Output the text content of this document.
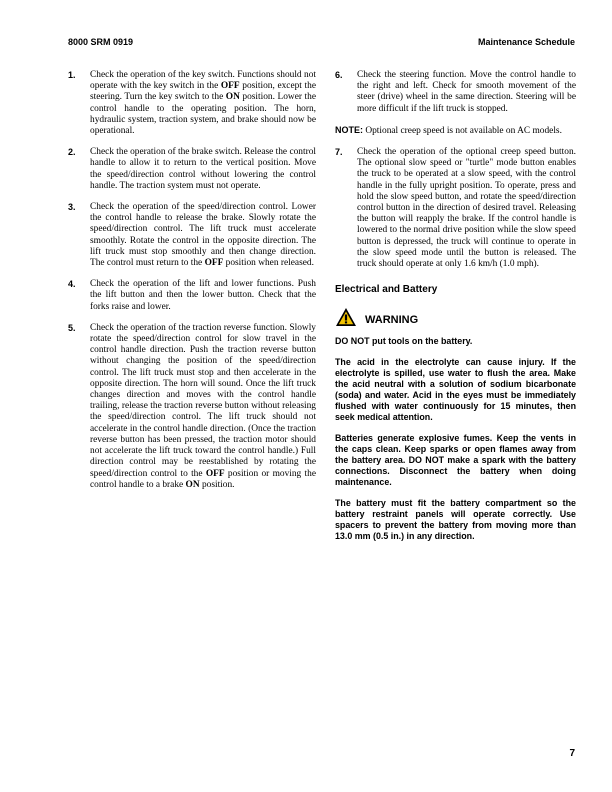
8000 SRM 0919	Maintenance Schedule
1. Check the operation of the key switch. Functions should not operate with the key switch in the OFF position, except the steering. Turn the key switch to the ON position. Lower the control handle to the operating position. The horn, hydraulic system, traction system, and brake should now be operational.
2. Check the operation of the brake switch. Release the control handle to allow it to return to the vertical position. Move the speed/direction control without lowering the control handle. The traction system must not operate.
3. Check the operation of the speed/direction control. Lower the control handle to release the brake. Slowly rotate the speed/direction control. The lift truck must accelerate smoothly. Rotate the control in the opposite direction. The lift truck must stop smoothly and then change direction. The control must return to the OFF position when released.
4. Check the operation of the lift and lower functions. Push the lift button and then the lower button. Check that the forks raise and lower.
5. Check the operation of the traction reverse function. Slowly rotate the speed/direction control for slow travel in the control handle direction. Push the traction reverse button without changing the position of the speed/direction control. The lift truck must stop and then accelerate in the opposite direction. The horn will sound. Once the lift truck changes direction and moves with the control handle trailing, release the traction reverse button without releasing the speed/direction control. The lift truck should not accelerate in the control handle direction. (Once the traction reverse button has been pressed, the traction motor should not accelerate the lift truck toward the control handle.) Full direction control may be reestablished by rotating the speed/direction control to the OFF position or moving the control handle to a brake ON position.
6. Check the steering function. Move the control handle to the right and left. Check for smooth movement of the steer (drive) wheel in the same direction. Steering will be more difficult if the lift truck is stopped.
NOTE: Optional creep speed is not available on AC models.
7. Check the operation of the optional creep speed button. The optional slow speed or "turtle" mode button enables the truck to be operated at a slow speed, with the control handle in the fully upright position. To operate, press and hold the slow speed button, and rotate the speed/direction control button in the direction of desired travel. Releasing the button will reapply the brake. If the control handle is lowered to the normal drive position while the slow speed button is depressed, the truck will continue to operate in the slow speed mode until the button is released. The truck should operate at only 1.6 km/h (1.0 mph).
Electrical and Battery
WARNING

DO NOT put tools on the battery.

The acid in the electrolyte can cause injury. If the electrolyte is spilled, use water to flush the area. Make the acid neutral with a solution of sodium bicarbonate (soda) and water. Acid in the eyes must be immediately flushed with water continuously for 15 minutes, then seek medical attention.

Batteries generate explosive fumes. Keep the vents in the caps clean. Keep sparks or open flames away from the battery area. DO NOT make a spark with the battery connections. Disconnect the battery when doing maintenance.

The battery must fit the battery compartment so the battery restraint panels will operate correctly. Use spacers to prevent the battery from moving more than 13.0 mm (0.5 in.) in any direction.

7
